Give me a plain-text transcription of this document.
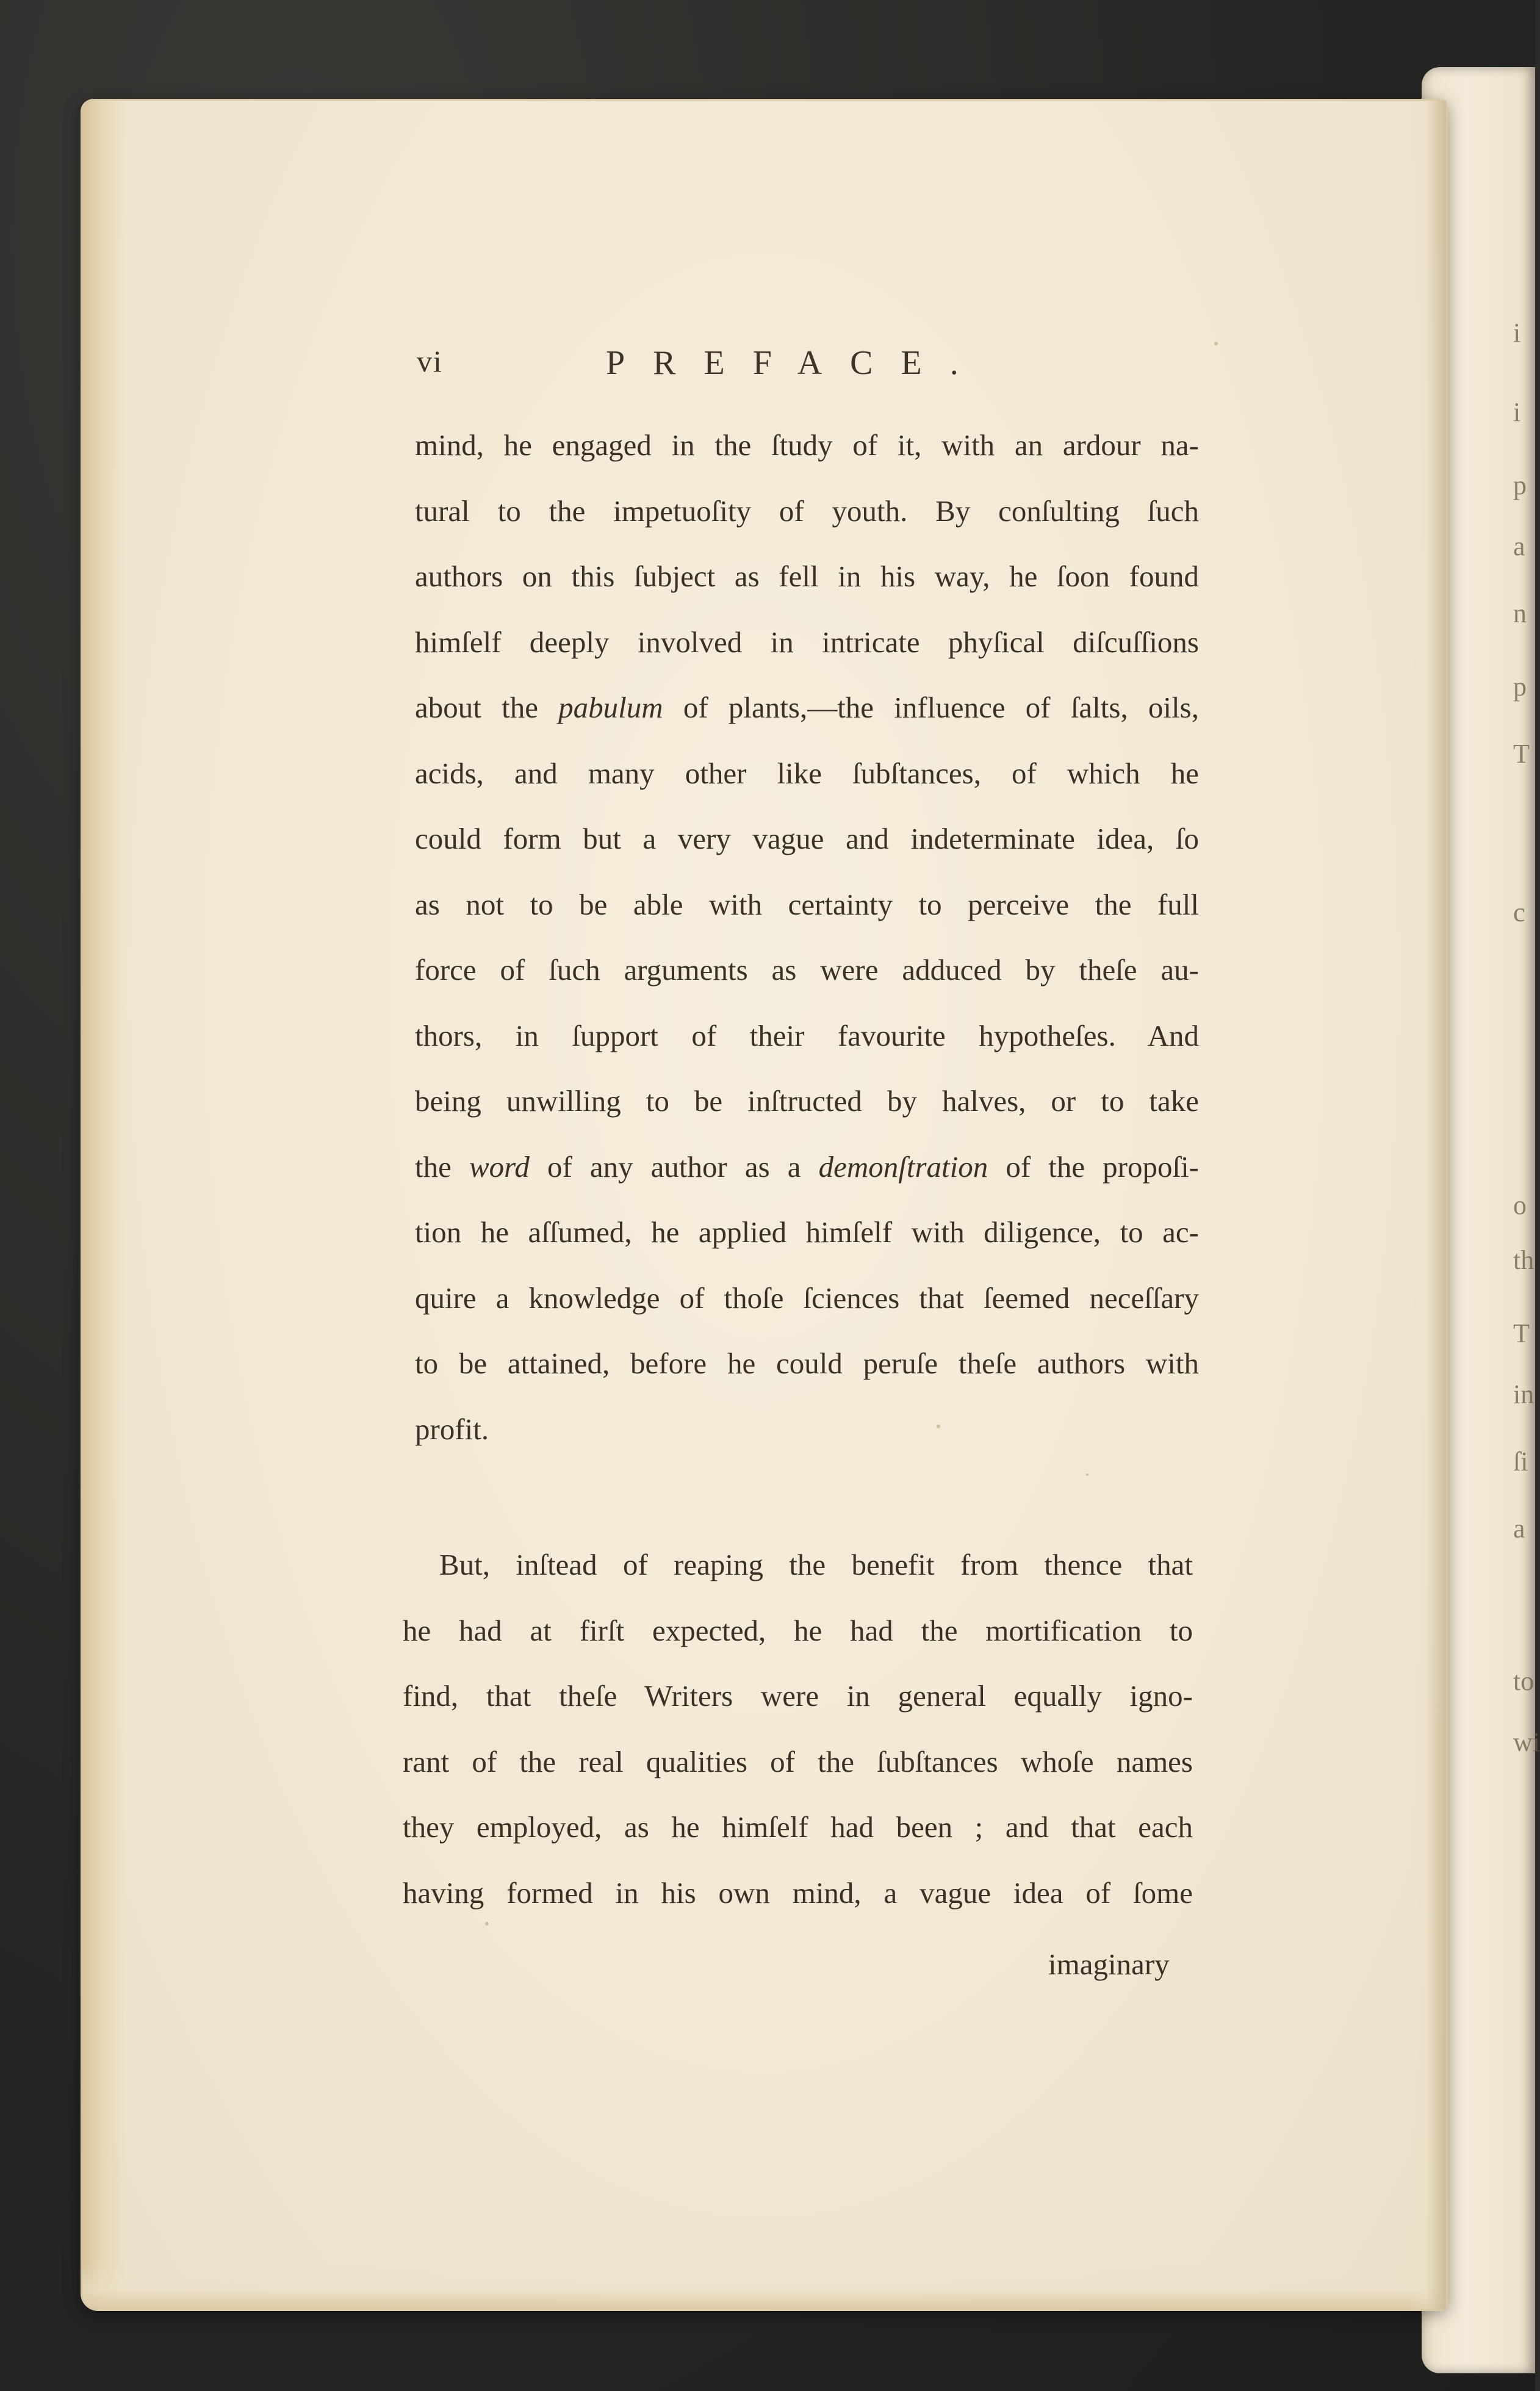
i
i
p
a
n
p
T
c
o
th
T
in
ſi
a
to
wi
vi	PREFACE.
mind, he engaged in the ſtudy of it, with an ardour na-
tural to the impetuoſity of youth. By conſulting ſuch
authors on this ſubject as fell in his way, he ſoon found
himſelf deeply involved in intricate phyſical diſcuſſions
about the pabulum of plants,—the influence of ſalts, oils,
acids, and many other like ſubſtances, of which he
could form but a very vague and indeterminate idea, ſo
as not to be able with certainty to perceive the full
force of ſuch arguments as were adduced by theſe au-
thors, in ſupport of their favourite hypotheſes. And
being unwilling to be inſtructed by halves, or to take
the word of any author as a demonſtration of the propoſi-
tion he aſſumed, he applied himſelf with diligence, to ac-
quire a knowledge of thoſe ſciences that ſeemed neceſſary
to be attained, before he could peruſe theſe authors with
profit.
But, inſtead of reaping the benefit from thence that
he had at firſt expected, he had the mortification to
find, that theſe Writers were in general equally igno-
rant of the real qualities of the ſubſtances whoſe names
they employed, as he himſelf had been ; and that each
having formed in his own mind, a vague idea of ſome
imaginary
